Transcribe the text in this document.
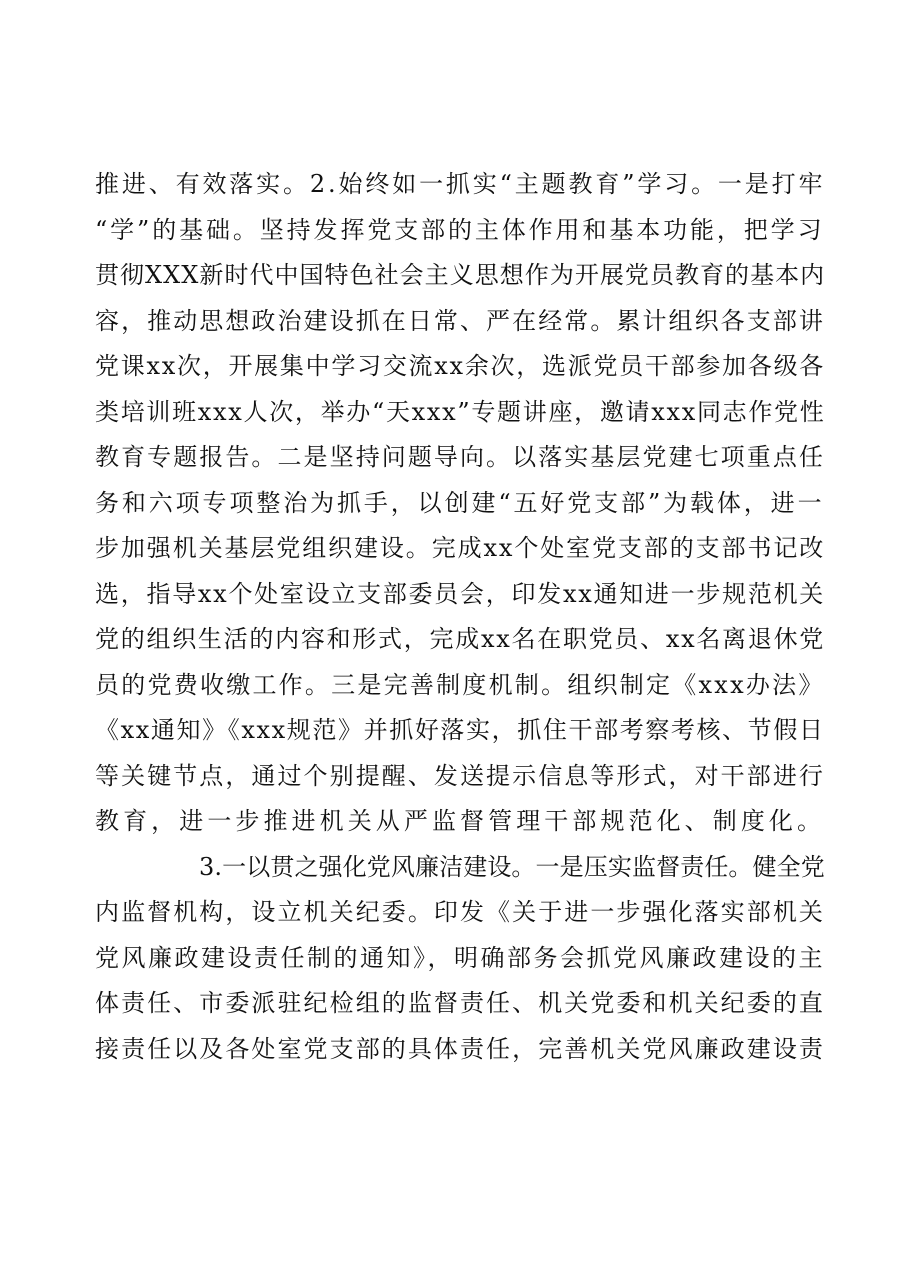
推进、有效落实。2.始终如一抓实“主题教育”学习。一是打牢
“学”的基础。坚持发挥党支部的主体作用和基本功能，把学习
贯彻XXX新时代中国特色社会主义思想作为开展党员教育的基本内
容，推动思想政治建设抓在日常、严在经常。累计组织各支部讲
党课xx次，开展集中学习交流xx余次，选派党员干部参加各级各
类培训班xxx人次，举办“天xxx”专题讲座，邀请xxx同志作党性
教育专题报告。二是坚持问题导向。以落实基层党建七项重点任
务和六项专项整治为抓手，以创建“五好党支部”为载体，进一
步加强机关基层党组织建设。完成xx个处室党支部的支部书记改
选，指导xx个处室设立支部委员会，印发xx通知进一步规范机关
党的组织生活的内容和形式，完成xx名在职党员、xx名离退休党
员的党费收缴工作。三是完善制度机制。组织制定《xxx办法》
《xx通知》《xxx规范》并抓好落实，抓住干部考察考核、节假日
等关键节点，通过个别提醒、发送提示信息等形式，对干部进行
教育，进一步推进机关从严监督管理干部规范化、制度化。
3.一以贯之强化党风廉洁建设。一是压实监督责任。健全党
内监督机构，设立机关纪委。印发《关于进一步强化落实部机关
党风廉政建设责任制的通知》，明确部务会抓党风廉政建设的主
体责任、市委派驻纪检组的监督责任、机关党委和机关纪委的直
接责任以及各处室党支部的具体责任，完善机关党风廉政建设责
